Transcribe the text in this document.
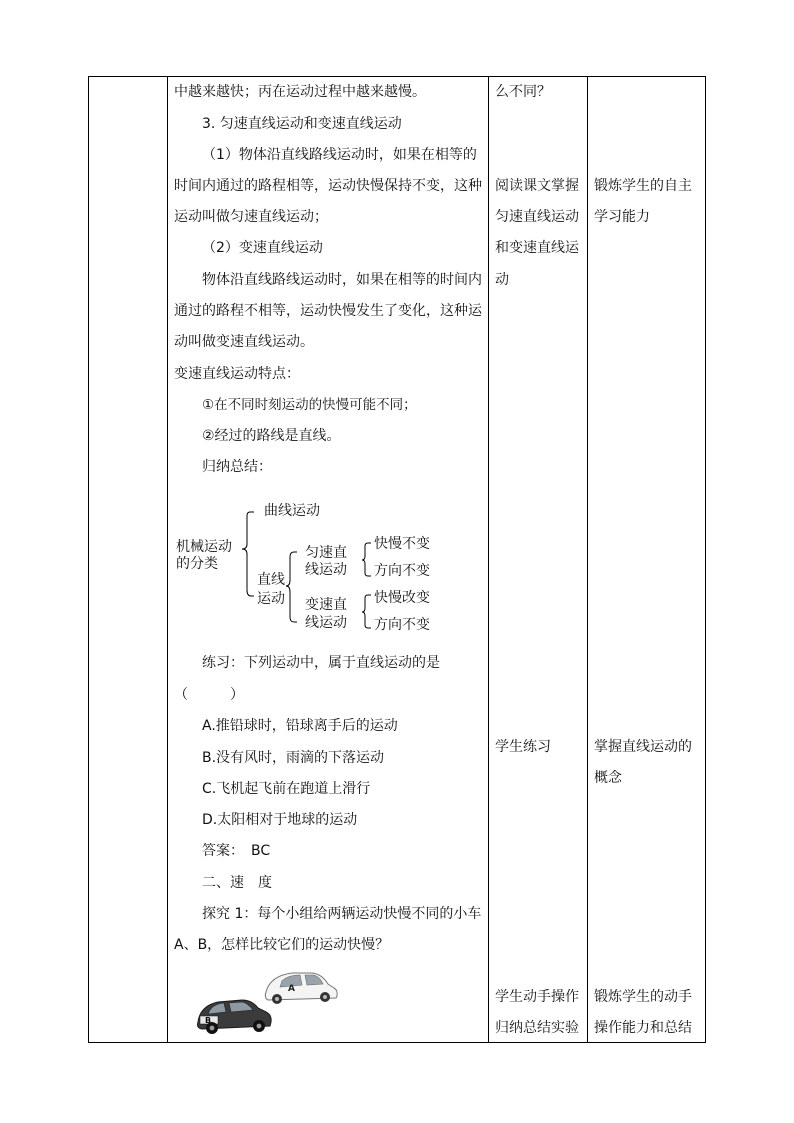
中越来越快；丙在运动过程中越来越慢。
3. 匀速直线运动和变速直线运动
（1）物体沿直线路线运动时，如果在相等的
时间内通过的路程相等，运动快慢保持不变，这种
运动叫做匀速直线运动；
（2）变速直线运动
物体沿直线路线运动时，如果在相等的时间内
通过的路程不相等，运动快慢发生了变化，这种运
动叫做变速直线运动。
变速直线运动特点：
①在不同时刻运动的快慢可能不同；
②经过的路线是直线。
归纳总结：
机械运动
的分类
曲线运动
直线
运动
匀速直
线运动
变速直
线运动
快慢不变
方向不变
快慢改变
方向不变
练习：下列运动中，属于直线运动的是
（　　　）
A.推铅球时，铅球离手后的运动
B.没有风时，雨滴的下落运动
C.飞机起飞前在跑道上滑行
D.太阳相对于地球的运动
答案：　BC
二、速　度
探究 1：每个小组给两辆运动快慢不同的小车
A、B，怎样比较它们的运动快慢？
A
B
么不同？
阅读课文掌握
匀速直线运动
和变速直线运
动
学生练习
学生动手操作
归纳总结实验
锻炼学生的自主
学习能力
掌握直线运动的
概念
锻炼学生的动手
操作能力和总结
